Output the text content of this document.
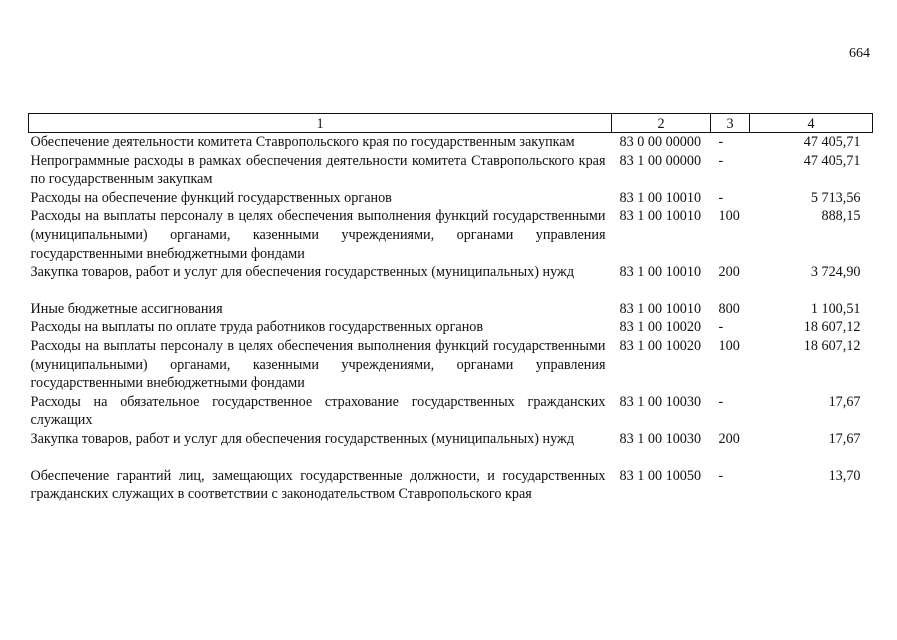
664
1	2	3	4
Обеспечение деятельности комитета Ставропольского края по государственным закупкам	83 0 00 00000	-	47 405,71
Непрограммные расходы в рамках обеспечения деятельности комитета Ставропольского края по государственным закупкам	83 1 00 00000	-	47 405,71
Расходы на обеспечение функций государственных органов	83 1 00 10010	-	5 713,56
Расходы на выплаты персоналу в целях обеспечения выполнения функций государственными (муниципальными) органами, казенными учреждениями, органами управления государственными внебюджетными фондами	83 1 00 10010	100	888,15
Закупка товаров, работ и услуг для обеспечения государственных (муниципальных) нужд	83 1 00 10010	200	3 724,90
Иные бюджетные ассигнования	83 1 00 10010	800	1 100,51
Расходы на выплаты по оплате труда работников государственных органов	83 1 00 10020	-	18 607,12
Расходы на выплаты персоналу в целях обеспечения выполнения функций государственными (муниципальными) органами, казенными учреждениями, органами управления государственными внебюджетными фондами	83 1 00 10020	100	18 607,12
Расходы на обязательное государственное страхование государственных гражданских служащих	83 1 00 10030	-	17,67
Закупка товаров, работ и услуг для обеспечения государственных (муниципальных) нужд	83 1 00 10030	200	17,67
Обеспечение гарантий лиц, замещающих государственные должности, и государственных гражданских служащих в соответствии с законодательством Ставропольского края	83 1 00 10050	-	13,70
